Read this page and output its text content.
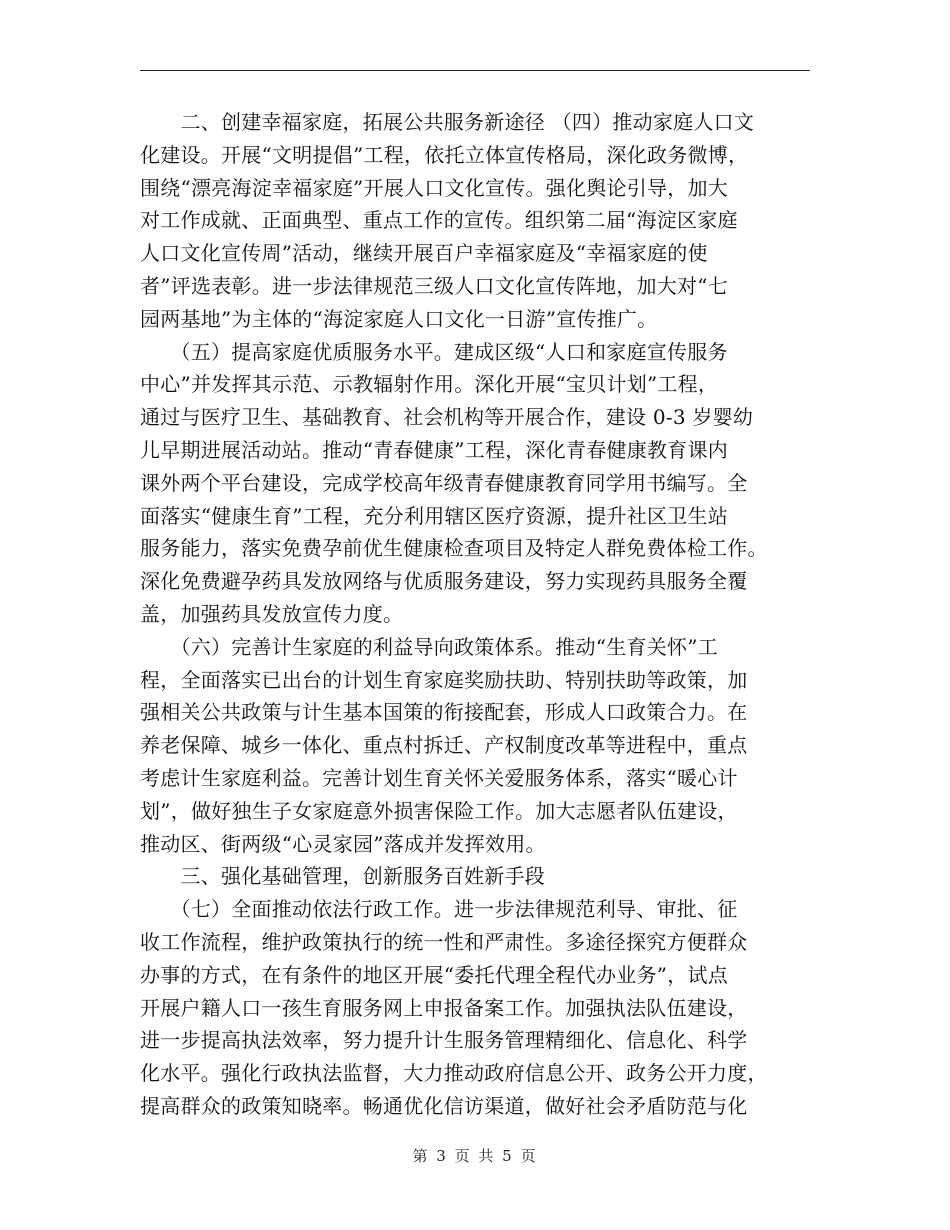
　　二、创建幸福家庭，拓展公共服务新途径 （四）推动家庭人口文
化建设。开展“文明提倡”工程，依托立体宣传格局，深化政务微博，
围绕“漂亮海淀幸福家庭”开展人口文化宣传。强化舆论引导，加大
对工作成就、正面典型、重点工作的宣传。组织第二届“海淀区家庭
人口文化宣传周”活动，继续开展百户幸福家庭及“幸福家庭的使
者”评选表彰。进一步法律规范三级人口文化宣传阵地，加大对“七
园两基地”为主体的“海淀家庭人口文化一日游”宣传推广。
　　（五）提高家庭优质服务水平。建成区级“人口和家庭宣传服务
中心”并发挥其示范、示教辐射作用。深化开展“宝贝计划”工程，
通过与医疗卫生、基础教育、社会机构等开展合作，建设 0-3 岁婴幼
儿早期进展活动站。推动“青春健康”工程，深化青春健康教育课内
课外两个平台建设，完成学校高年级青春健康教育同学用书编写。全
面落实“健康生育”工程，充分利用辖区医疗资源，提升社区卫生站
服务能力，落实免费孕前优生健康检查项目及特定人群免费体检工作。
深化免费避孕药具发放网络与优质服务建设，努力实现药具服务全覆
盖，加强药具发放宣传力度。
　　（六）完善计生家庭的利益导向政策体系。推动“生育关怀”工
程，全面落实已出台的计划生育家庭奖励扶助、特别扶助等政策，加
强相关公共政策与计生基本国策的衔接配套，形成人口政策合力。在
养老保障、城乡一体化、重点村拆迁、产权制度改革等进程中，重点
考虑计生家庭利益。完善计划生育关怀关爱服务体系，落实“暖心计
划”，做好独生子女家庭意外损害保险工作。加大志愿者队伍建设，
推动区、街两级“心灵家园”落成并发挥效用。
　　三、强化基础管理，创新服务百姓新手段
　　（七）全面推动依法行政工作。进一步法律规范利导、审批、征
收工作流程，维护政策执行的统一性和严肃性。多途径探究方便群众
办事的方式，在有条件的地区开展“委托代理全程代办业务”，试点
开展户籍人口一孩生育服务网上申报备案工作。加强执法队伍建设，
进一步提高执法效率，努力提升计生服务管理精细化、信息化、科学
化水平。强化行政执法监督，大力推动政府信息公开、政务公开力度，
提高群众的政策知晓率。畅通优化信访渠道，做好社会矛盾防范与化
第 3 页 共 5 页
